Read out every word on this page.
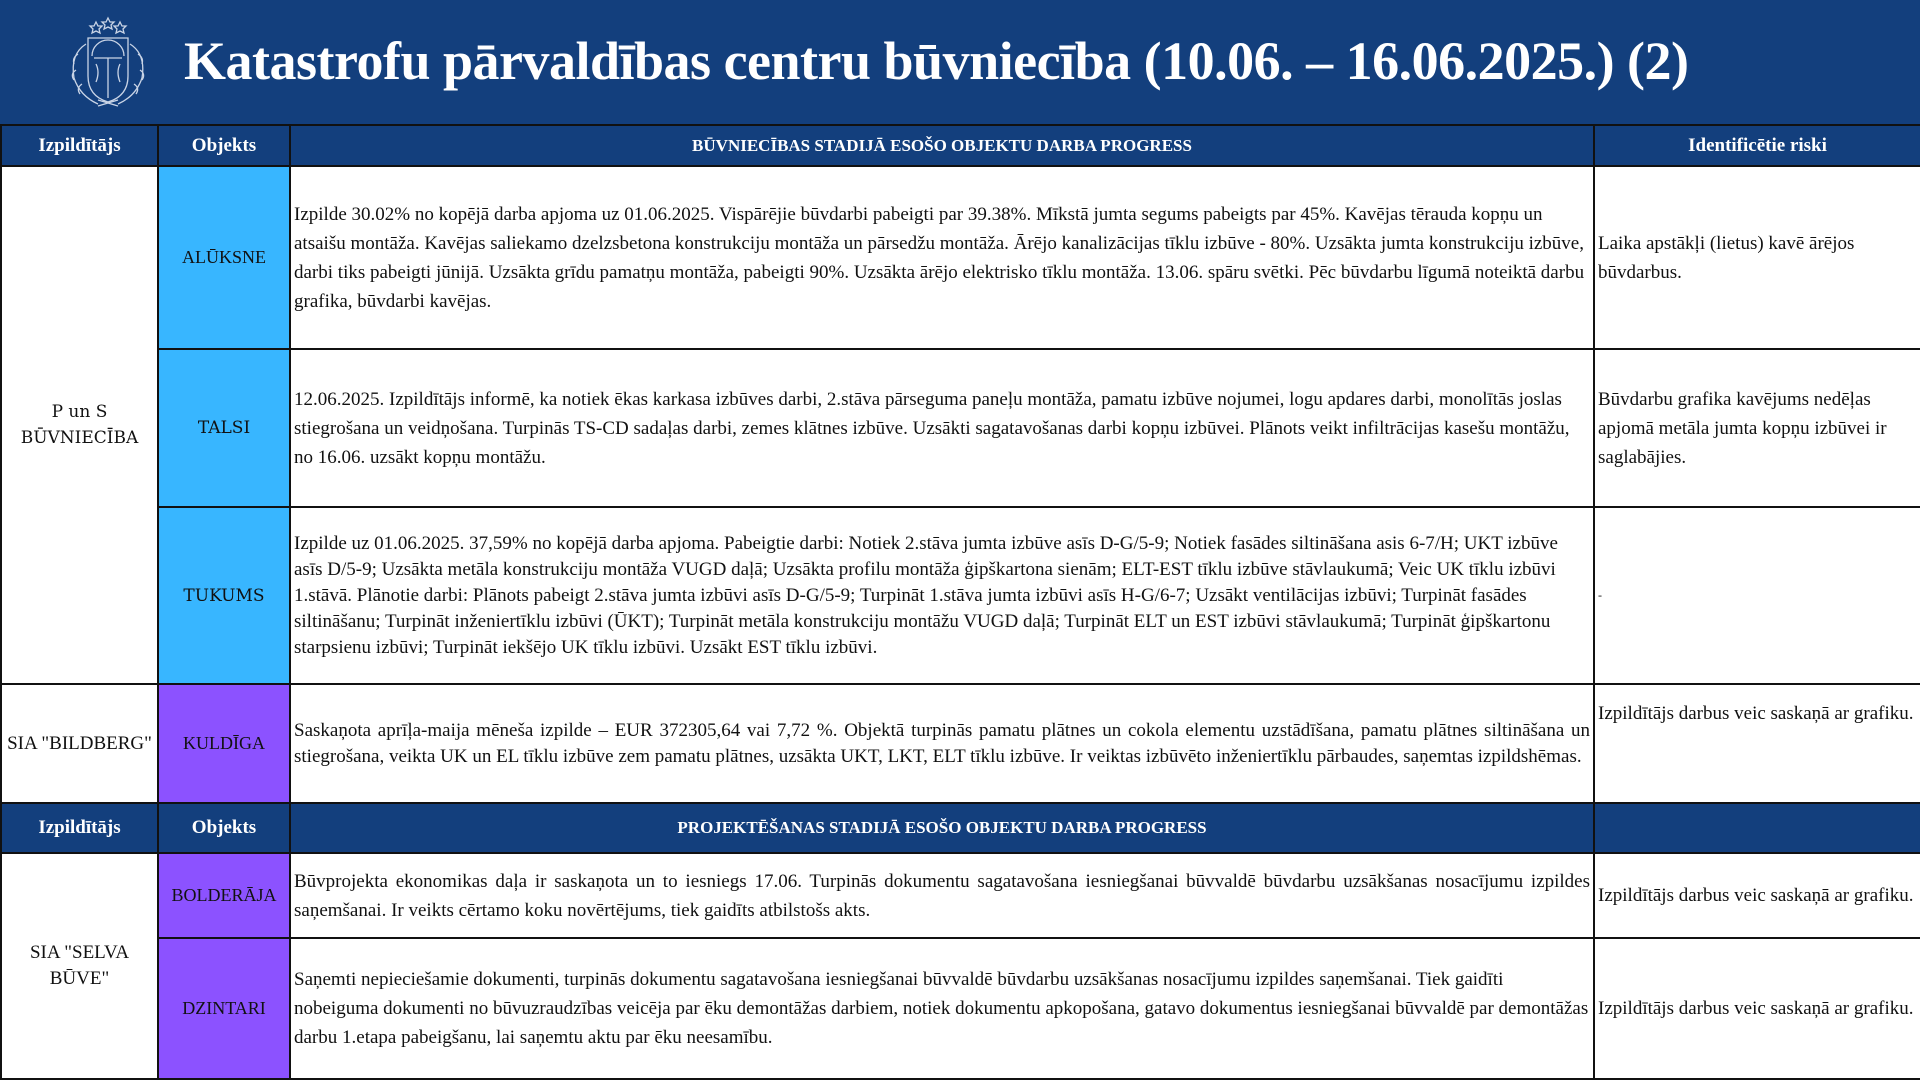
Katastrofu pārvaldības centru būvniecība (10.06. – 16.06.2025.) (2)
Izpildītājs	Objekts	BŪVNIECĪBAS STADIJĀ ESOŠO OBJEKTU DARBA PROGRESS	Identificētie riski
P un S BŪVNIECĪBA	ALŪKSNE	Izpilde 30.02% no kopējā darba apjoma uz 01.06.2025. Vispārējie būvdarbi pabeigti par 39.38%. Mīkstā jumta segums pabeigts par 45%. Kavējas tērauda kopņu un atsaišu montāža. Kavējas saliekamo dzelzsbetona konstrukciju montāža un pārsedžu montāža. Ārējo kanalizācijas tīklu izbūve - 80%. Uzsākta jumta konstrukciju izbūve, darbi tiks pabeigti jūnijā. Uzsākta grīdu pamatņu montāža, pabeigti 90%. Uzsākta ārējo elektrisko tīklu montāža. 13.06. spāru svētki. Pēc būvdarbu līgumā noteiktā darbu grafika, būvdarbi kavējas.	Laika apstākļi (lietus) kavē ārējos būvdarbus.
	TALSI	12.06.2025. Izpildītājs informē, ka notiek ēkas karkasa izbūves darbi, 2.stāva pārseguma paneļu montāža, pamatu izbūve nojumei, logu apdares darbi, monolītās joslas stiegrošana un veidņošana. Turpinās TS-CD sadaļas darbi, zemes klātnes izbūve. Uzsākti sagatavošanas darbi kopņu izbūvei. Plānots veikt infiltrācijas kasešu montāžu, no 16.06. uzsākt kopņu montāžu.	Būvdarbu grafika kavējums nedēļas apjomā metāla jumta kopņu izbūvei ir saglabājies.
	TUKUMS	Izpilde uz 01.06.2025. 37,59% no kopējā darba apjoma. Pabeigtie darbi: Notiek 2.stāva jumta izbūve asīs D-G/5-9; Notiek fasādes siltināšana asis 6-7/H; UKT izbūve asīs D/5-9; Uzsākta metāla konstrukciju montāža VUGD daļā; Uzsākta profilu montāža ģipškartona sienām; ELT-EST tīklu izbūve stāvlaukumā; Veic UK tīklu izbūvi 1.stāvā. Plānotie darbi: Plānots pabeigt 2.stāva jumta izbūvi asīs D-G/5-9; Turpināt 1.stāva jumta izbūvi asīs H-G/6-7; Uzsākt ventilācijas izbūvi; Turpināt fasādes siltināšanu; Turpināt inženiertīklu izbūvi (ŪKT); Turpināt metāla konstrukciju montāžu VUGD daļā; Turpināt ELT un EST izbūvi stāvlaukumā; Turpināt ģipškartonu starpsienu izbūvi; Turpināt iekšējo UK tīklu izbūvi. Uzsākt EST tīklu izbūvi.	-
SIA "BILDBERG"	KULDĪGA	Saskaņota aprīļa-maija mēneša izpilde – EUR 372305,64 vai 7,72 %. Objektā turpinās pamatu plātnes un cokola elementu uzstādīšana, pamatu plātnes siltināšana un stiegrošana, veikta UK un EL tīklu izbūve zem pamatu plātnes, uzsākta UKT, LKT, ELT tīklu izbūve. Ir veiktas izbūvēto inženiertīklu pārbaudes, saņemtas izpildshēmas.	Izpildītājs darbus veic saskaņā ar grafiku.
Izpildītājs	Objekts	PROJEKTĒŠANAS STADIJĀ ESOŠO OBJEKTU DARBA PROGRESS	
SIA "SELVA BŪVE"	BOLDERĀJA	Būvprojekta ekonomikas daļa ir saskaņota un to iesniegs 17.06. Turpinās dokumentu sagatavošana iesniegšanai būvvaldē būvdarbu uzsākšanas nosacījumu izpildes saņemšanai. Ir veikts cērtamo koku novērtējums, tiek gaidīts atbilstošs akts.	Izpildītājs darbus veic saskaņā ar grafiku.
	DZINTARI	Saņemti nepieciešamie dokumenti, turpinās dokumentu sagatavošana iesniegšanai būvvaldē būvdarbu uzsākšanas nosacījumu izpildes saņemšanai. Tiek gaidīti nobeiguma dokumenti no būvuzraudzības veicēja par ēku demontāžas darbiem, notiek dokumentu apkopošana, gatavo dokumentus iesniegšanai būvvaldē par demontāžas darbu 1.etapa pabeigšanu, lai saņemtu aktu par ēku neesamību.	Izpildītājs darbus veic saskaņā ar grafiku.
